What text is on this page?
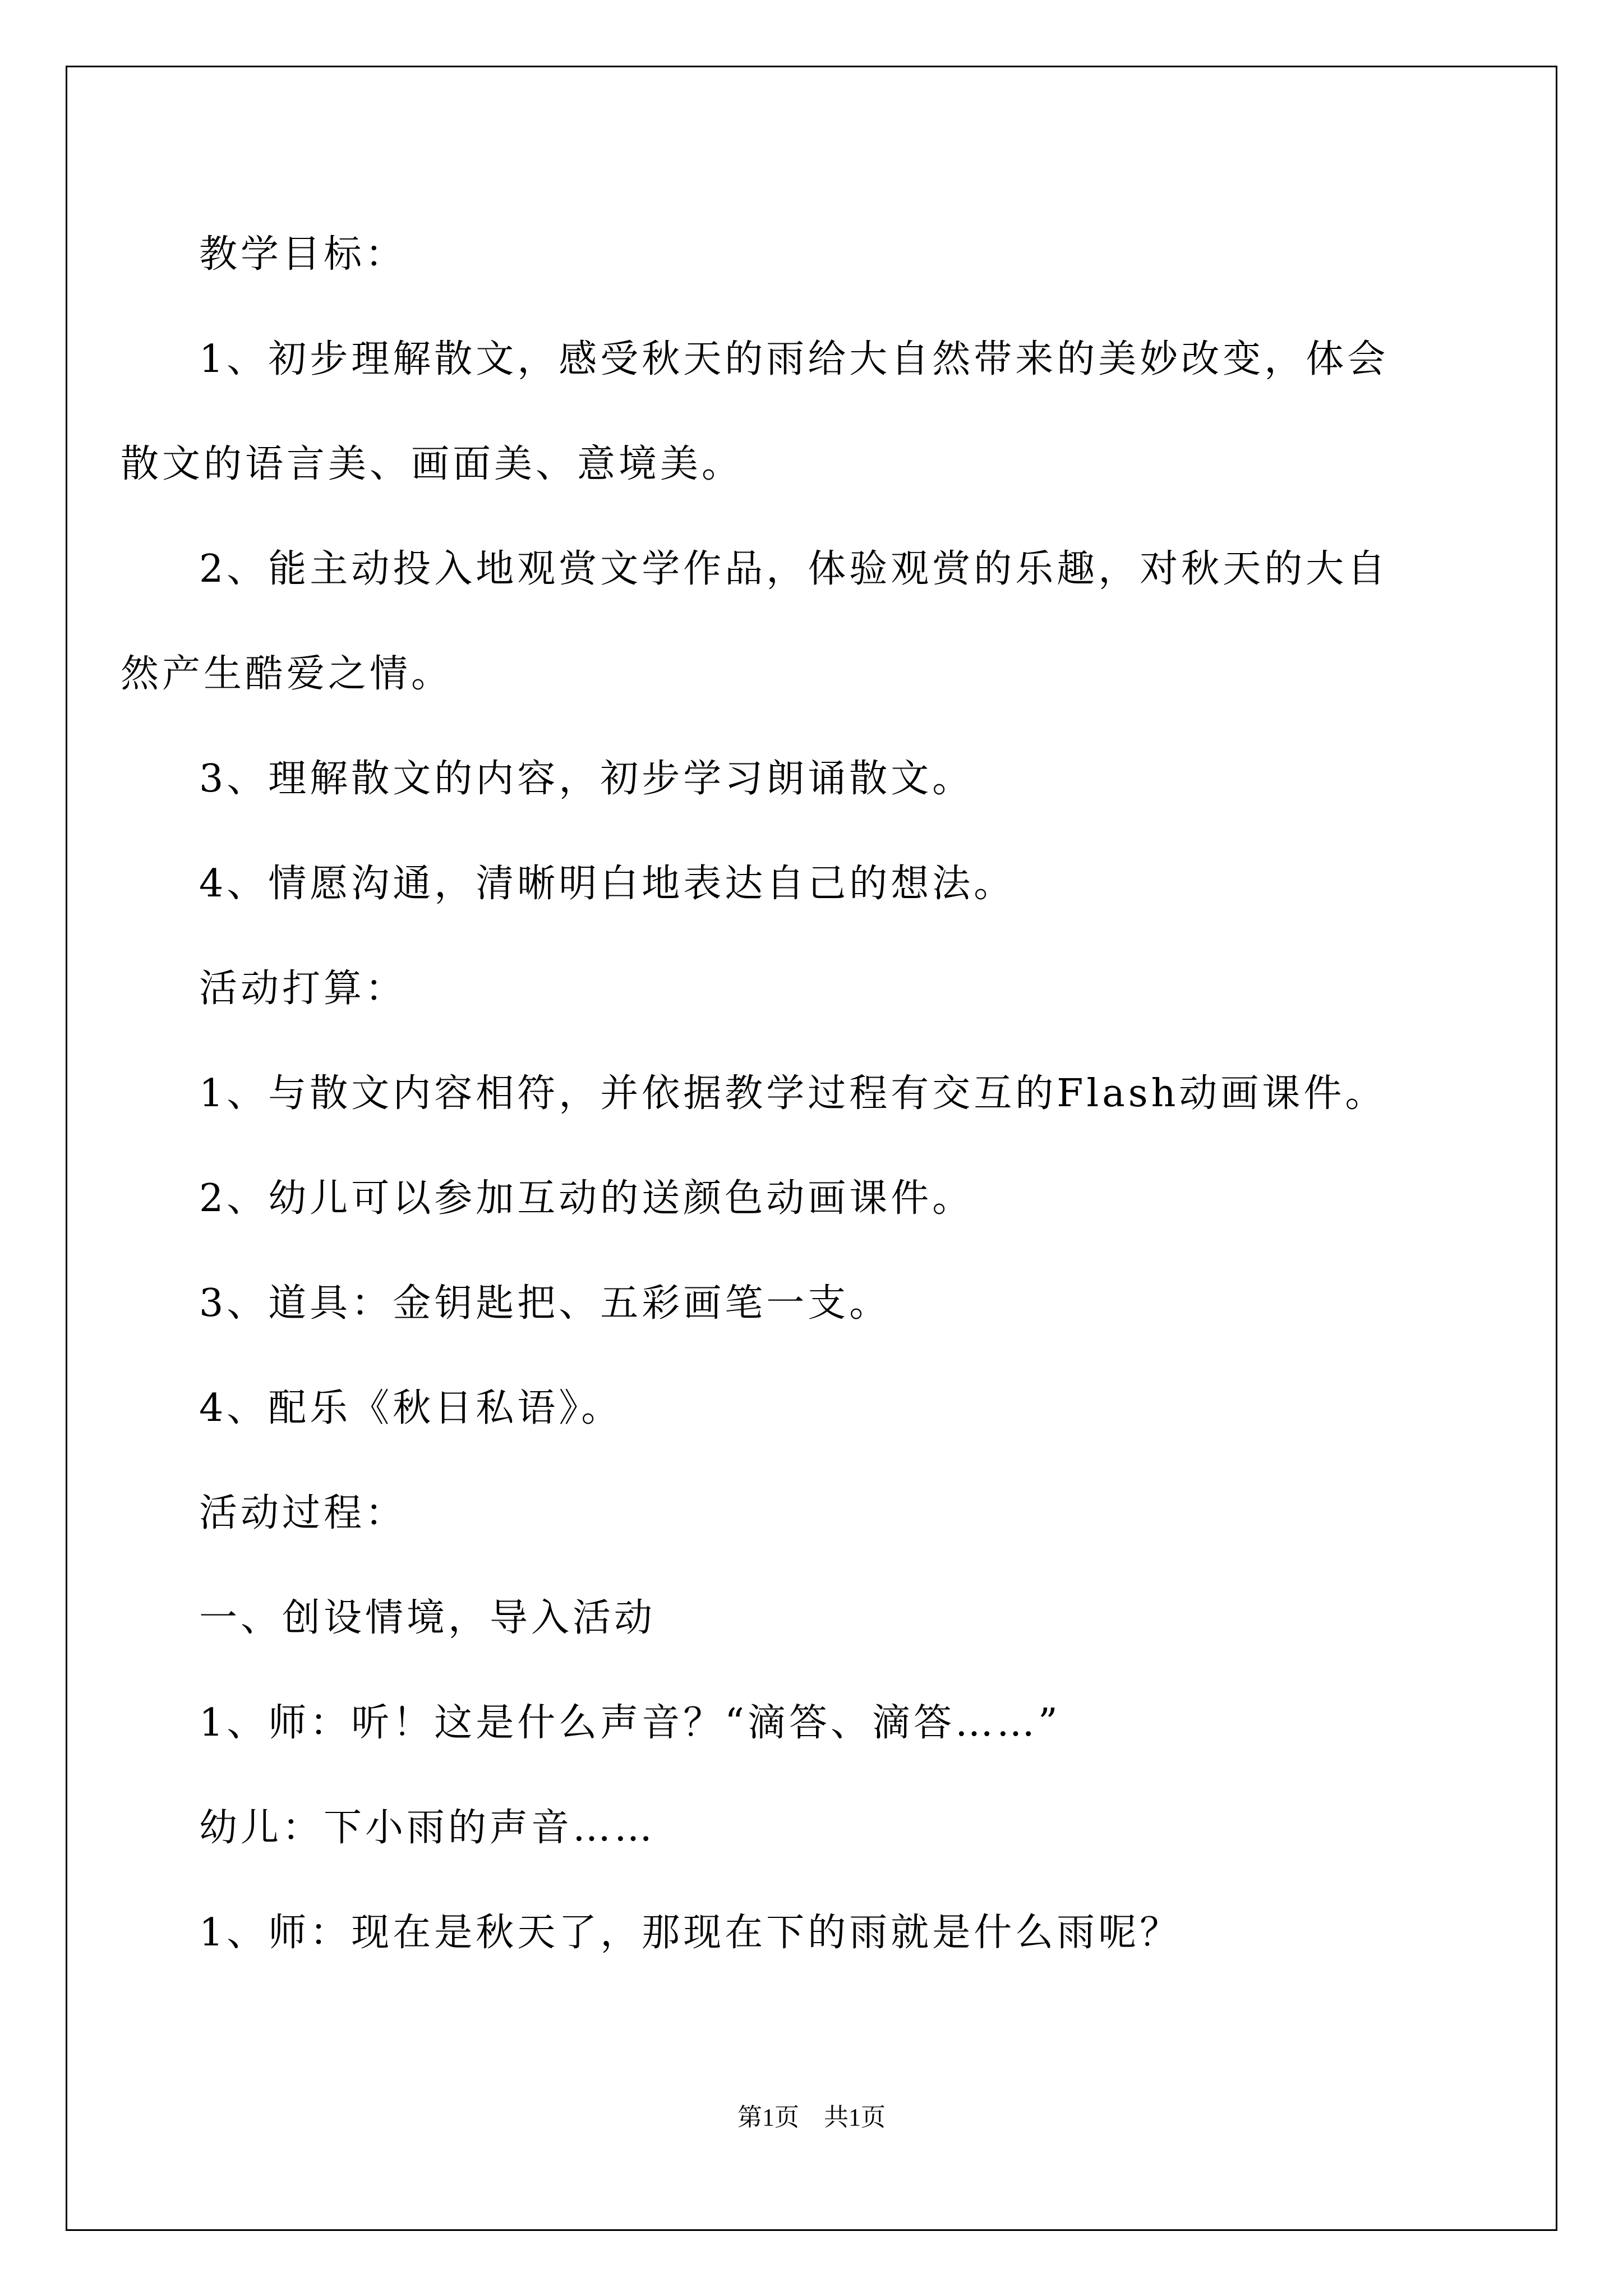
教学目标：

1、初步理解散文，感受秋天的雨给大自然带来的美妙改变，体会

散文的语言美、画面美、意境美。

2、能主动投入地观赏文学作品，体验观赏的乐趣，对秋天的大自

然产生酷爱之情。

3、理解散文的内容，初步学习朗诵散文。

4、情愿沟通，清晰明白地表达自己的想法。

活动打算：

1、与散文内容相符，并依据教学过程有交互的Flash动画课件。

2、幼儿可以参加互动的送颜色动画课件。

3、道具：金钥匙把、五彩画笔一支。

4、配乐《秋日私语》。

活动过程：

一、创设情境，导入活动

1、师：听！这是什么声音？“滴答、滴答……”

幼儿：下小雨的声音……

1、师：现在是秋天了，那现在下的雨就是什么雨呢？

第1页 共1页
